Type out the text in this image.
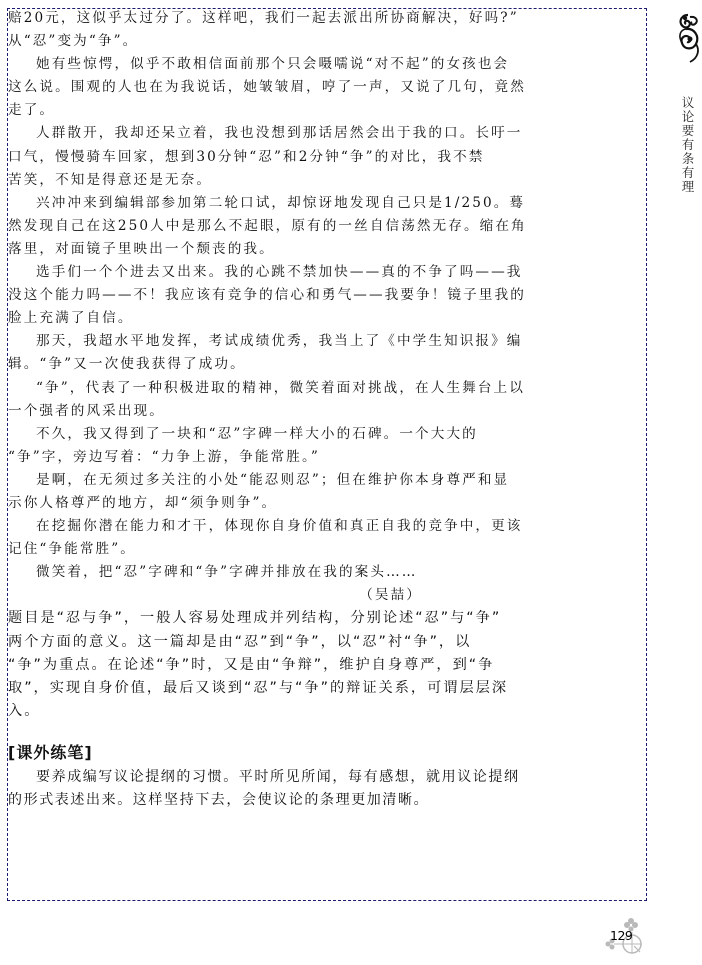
议论要有条有理
赔20元，这似乎太过分了。这样吧，我们一起去派出所协商解决，好吗?”
从“忍”变为“争”。
她有些惊愕，似乎不敢相信面前那个只会嗫嚅说“对不起”的女孩也会
这么说。围观的人也在为我说话，她皱皱眉，哼了一声，又说了几句，竟然
走了。
人群散开，我却还呆立着，我也没想到那话居然会出于我的口。长吁一
口气，慢慢骑车回家，想到30分钟“忍”和2分钟“争”的对比，我不禁
苦笑，不知是得意还是无奈。
兴冲冲来到编辑部参加第二轮口试，却惊讶地发现自己只是1/250。蓦
然发现自己在这250人中是那么不起眼，原有的一丝自信荡然无存。缩在角
落里，对面镜子里映出一个颓丧的我。
选手们一个个进去又出来。我的心跳不禁加快——真的不争了吗——我
没这个能力吗——不！我应该有竞争的信心和勇气——我要争！镜子里我的
脸上充满了自信。
那天，我超水平地发挥，考试成绩优秀，我当上了《中学生知识报》编
辑。“争”又一次使我获得了成功。
“争”，代表了一种积极进取的精神，微笑着面对挑战，在人生舞台上以
一个强者的风采出现。
不久，我又得到了一块和“忍”字碑一样大小的石碑。一个大大的
“争”字，旁边写着：“力争上游，争能常胜。”
是啊，在无须过多关注的小处“能忍则忍”；但在维护你本身尊严和显
示你人格尊严的地方，却“须争则争”。
在挖掘你潜在能力和才干，体现你自身价值和真正自我的竞争中，更该
记住“争能常胜”。
微笑着，把“忍”字碑和“争”字碑并排放在我的案头……
（吴喆）
题目是“忍与争”，一般人容易处理成并列结构，分别论述“忍”与“争”
两个方面的意义。这一篇却是由“忍”到“争”，以“忍”衬“争”，以
“争”为重点。在论述“争”时，又是由“争辩”，维护自身尊严，到“争
取”，实现自身价值，最后又谈到“忍”与“争”的辩证关系，可谓层层深
入。
[课外练笔]
要养成编写议论提纲的习惯。平时所见所闻，每有感想，就用议论提纲
的形式表述出来。这样坚持下去，会使议论的条理更加清晰。
129
